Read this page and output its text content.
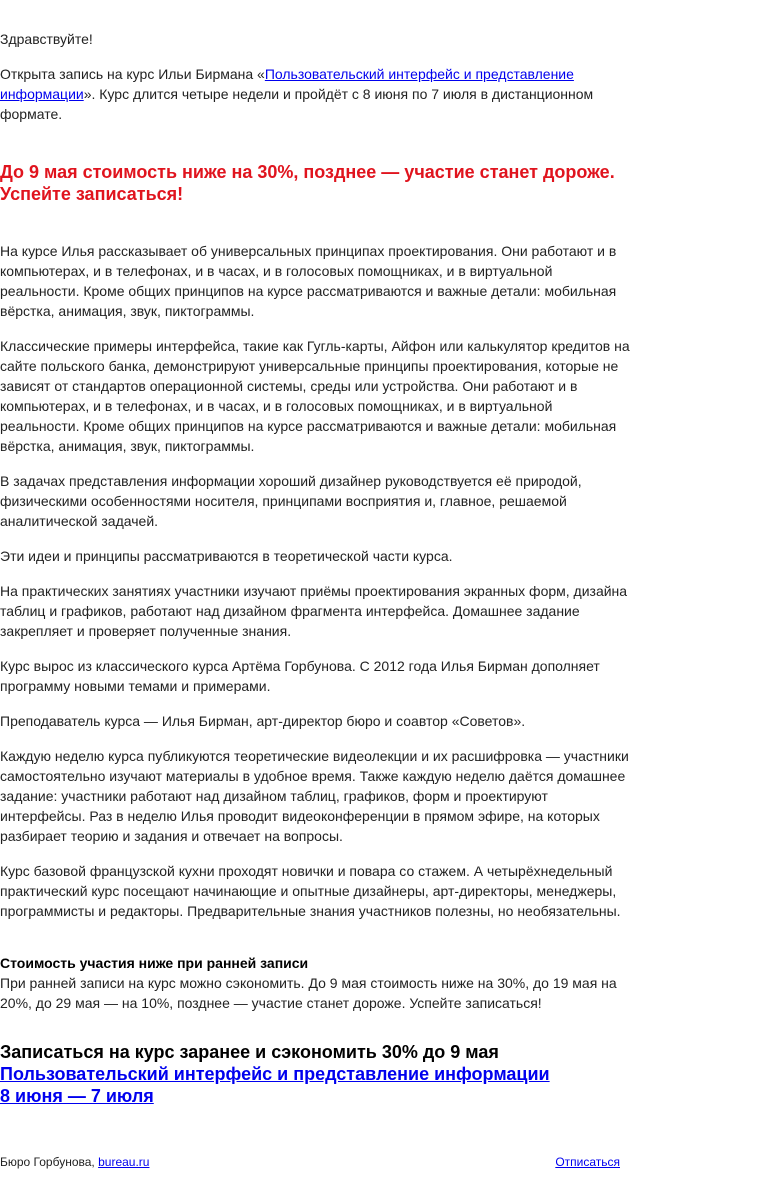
Здравствуйте!

Открыта запись на курс Ильи Бирмана «Пользовательский интерфейс и представление информации». Курс длится четыре недели и пройдёт с 8 июня по 7 июля в дистанционном формате.

До 9 мая стоимость ниже на 30%, позднее — участие станет дороже. Успейте записаться!

На курсе Илья рассказывает об универсальных принципах проектирования. Они работают и в компьютерах, и в телефонах, и в часах, и в голосовых помощниках, и в виртуальной реальности. Кроме общих принципов на курсе рассматриваются и важные детали: мобильная вёрстка, анимация, звук, пиктограммы.

Классические примеры интерфейса, такие как Гугль-карты, Айфон или калькулятор кредитов на сайте польского банка, демонстрируют универсальные принципы проектирования, которые не зависят от стандартов операционной системы, среды или устройства. Они работают и в компьютерах, и в телефонах, и в часах, и в голосовых помощниках, и в виртуальной реальности. Кроме общих принципов на курсе рассматриваются и важные детали: мобильная вёрстка, анимация, звук, пиктограммы.

В задачах представления информации хороший дизайнер руководствуется её природой, физическими особенностями носителя, принципами восприятия и, главное, решаемой аналитической задачей.

Эти идеи и принципы рассматриваются в теоретической части курса.

На практических занятиях участники изучают приёмы проектирования экранных форм, дизайна таблиц и графиков, работают над дизайном фрагмента интерфейса. Домашнее задание закрепляет и проверяет полученные знания.

Курс вырос из классического курса Артёма Горбунова. С 2012 года Илья Бирман дополняет программу новыми темами и примерами.

Преподаватель курса — Илья Бирман, арт-директор бюро и соавтор «Советов».

Каждую неделю курса публикуются теоретические видеолекции и их расшифровка — участники самостоятельно изучают материалы в удобное время. Также каждую неделю даётся домашнее задание: участники работают над дизайном таблиц, графиков, форм и проектируют интерфейсы. Раз в неделю Илья проводит видеоконференции в прямом эфире, на которых разбирает теорию и задания и отвечает на вопросы.

Курс базовой французской кухни проходят новички и повара со стажем. А четырёхнедельный практический курс посещают начинающие и опытные дизайнеры, арт-директоры, менеджеры, программисты и редакторы. Предварительные знания участников полезны, но необязательны.

Стоимость участия ниже при ранней записи

При ранней записи на курс можно сэкономить. До 9 мая стоимость ниже на 30%, до 19 мая на 20%, до 29 мая — на 10%, позднее — участие станет дороже. Успейте записаться!

Записаться на курс заранее и сэкономить 30% до 9 мая

Пользовательский интерфейс и представление информации

8 июня — 7 июля

Бюро Горбунова, bureau.ru	Отписаться
